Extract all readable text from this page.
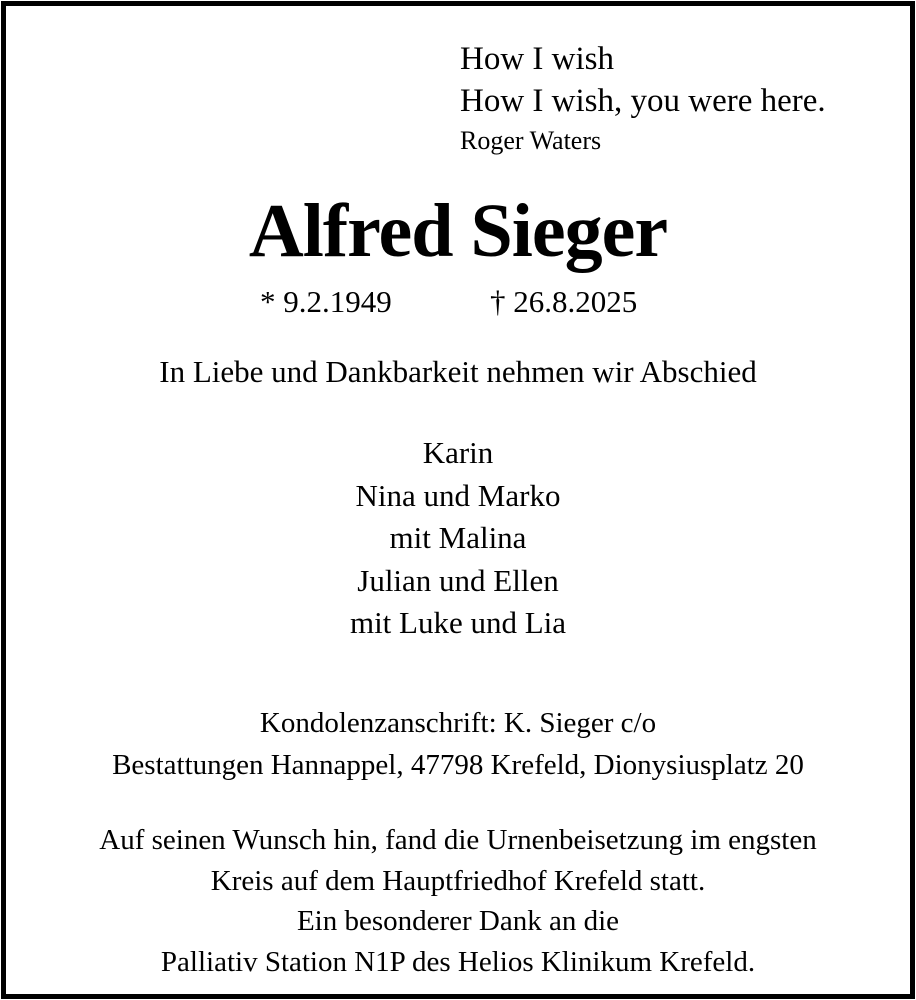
How I wish
How I wish, you were here.
Roger Waters
Alfred Sieger
* 9.2.1949	† 26.8.2025
In Liebe und Dankbarkeit nehmen wir Abschied
Karin
Nina und Marko
mit Malina
Julian und Ellen
mit Luke und Lia
Kondolenzanschrift: K. Sieger c/o
Bestattungen Hannappel, 47798 Krefeld, Dionysiusplatz 20
Auf seinen Wunsch hin, fand die Urnenbeisetzung im engsten
Kreis auf dem Hauptfriedhof Krefeld statt.
Ein besonderer Dank an die
Palliativ Station N1P des Helios Klinikum Krefeld.
